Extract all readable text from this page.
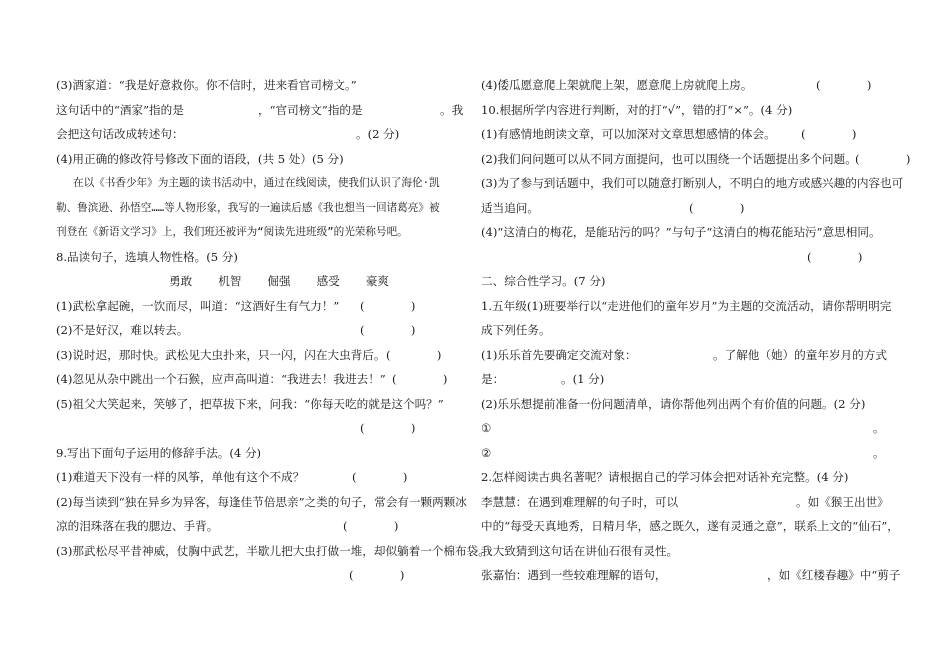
(3)酒家道：“我是好意救你。你不信时，进来看官司榜文。”
这句话中的“酒家”指的是	，“官司榜文”指的是	。我
会把这句话改成转述句：	。(2 分)
(4)用正确的修改符号修改下面的语段，(共 5 处）(5 分)
在以《书香少年》为主题的读书活动中，通过在线阅读，使我们认识了海伦·凯
勒、鲁滨逊、孙悟空……等人物形象，我写的一遍读后感《我也想当一回诸葛亮》被
刊登在《新语文学习》上，我们班还被评为“阅读先进班级”的光荣称号吧。
8.品读句子，选填人物性格。(5 分)
勇敢 机智 倔强 感受 豪爽
(1)武松拿起碗，一饮而尽，叫道：“这酒好生有气力！” (　　　　)
(2)不是好汉，难以转去。	(　　　　)
(3)说时迟，那时快。武松见大虫扑来，只一闪，闪在大虫背后。 (　　　　)
(4)忽见从杂中跳出一个石猴，应声高叫道：“我进去！我进去！” (　　　　)
(5)祖父大笑起来，笑够了，把草拔下来，问我：“你每天吃的就是这个吗？”
(　　　　)
9.写出下面句子运用的修辞手法。(4 分)
(1)难道天下没有一样的风筝，单他有这个不成？	(　　　　)
(2)每当读到“独在异乡为异客，每逢佳节倍思亲”之类的句子，常会有一颗两颗冰
凉的泪珠落在我的腮边、手背。	(　　　　)
(3)那武松尽平昔神威，仗胸中武艺，半歇儿把大虫打做一堆，却似躺着一个棉布袋。
(　　　　)
(4)倭瓜愿意爬上架就爬上架，愿意爬上房就爬上房。	(　　　　)
10.根据所学内容进行判断，对的打“√”，错的打“×”。(4 分)
(1)有感情地朗读文章，可以加深对文章思想感情的体会。 (　　　　)
(2)我们问问题可以从不同方面提问，也可以围绕一个话题提出多个问题。
(　　　　)
(3)为了参与到话题中，我们可以随意打断别人，不明白的地方或感兴趣的内容也可
适当追问。	(　　　　)
(4)“这清白的梅花，是能玷污的吗？”与句子“这清白的梅花能玷污”意思相同。
(　　　　)
二、综合性学习。(7 分)
1.五年级(1)班要举行以“走进他们的童年岁月”为主题的交流活动，请你帮明明完
成下列任务。
(1)乐乐首先要确定交流对象：	。了解他（她）的童年岁月的方式
是：	。(1 分)
(2)乐乐想提前准备一份问题清单，请你帮他列出两个有价值的问题。(2 分)
①	。
②	。
2.怎样阅读古典名著呢？请根据自己的学习体会把对话补充完整。(4 分)
李慧慧：在遇到难理解的句子时，可以	。如《猴王出世》
中的“每受天真地秀，日精月华，感之既久，遂有灵通之意”，联系上文的“仙石”，
我大致猜到这句话在讲仙石很有灵性。
张嘉怡：遇到一些较难理解的语句，	，如《红楼春趣》中“剪子
